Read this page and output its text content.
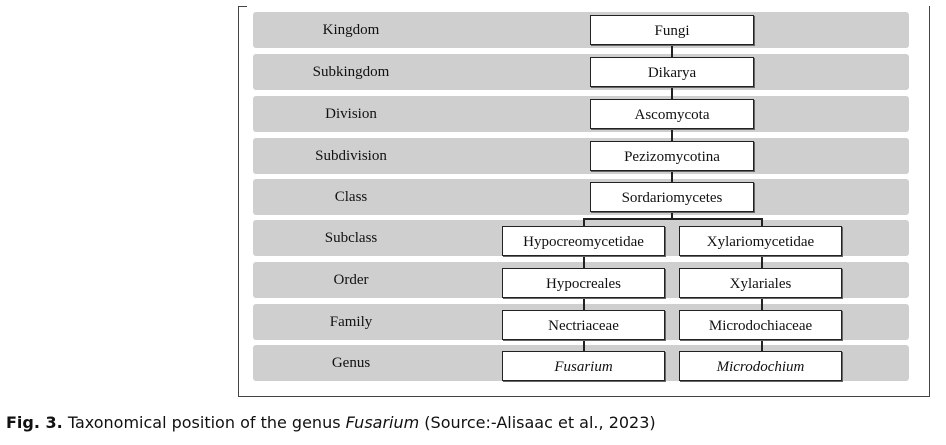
Kingdom
Subkingdom
Division
Subdivision
Class
Subclass
Order
Family
Genus
Fungi
Dikarya
Ascomycota
Pezizomycotina
Sordariomycetes
Hypocreomycetidae
Hypocreales
Nectriaceae
Fusarium
Xylariomycetidae
Xylariales
Microdochiaceae
Microdochium
Fig. 3. Taxonomical position of the genus Fusarium (Source:-Alisaac et al., 2023)
